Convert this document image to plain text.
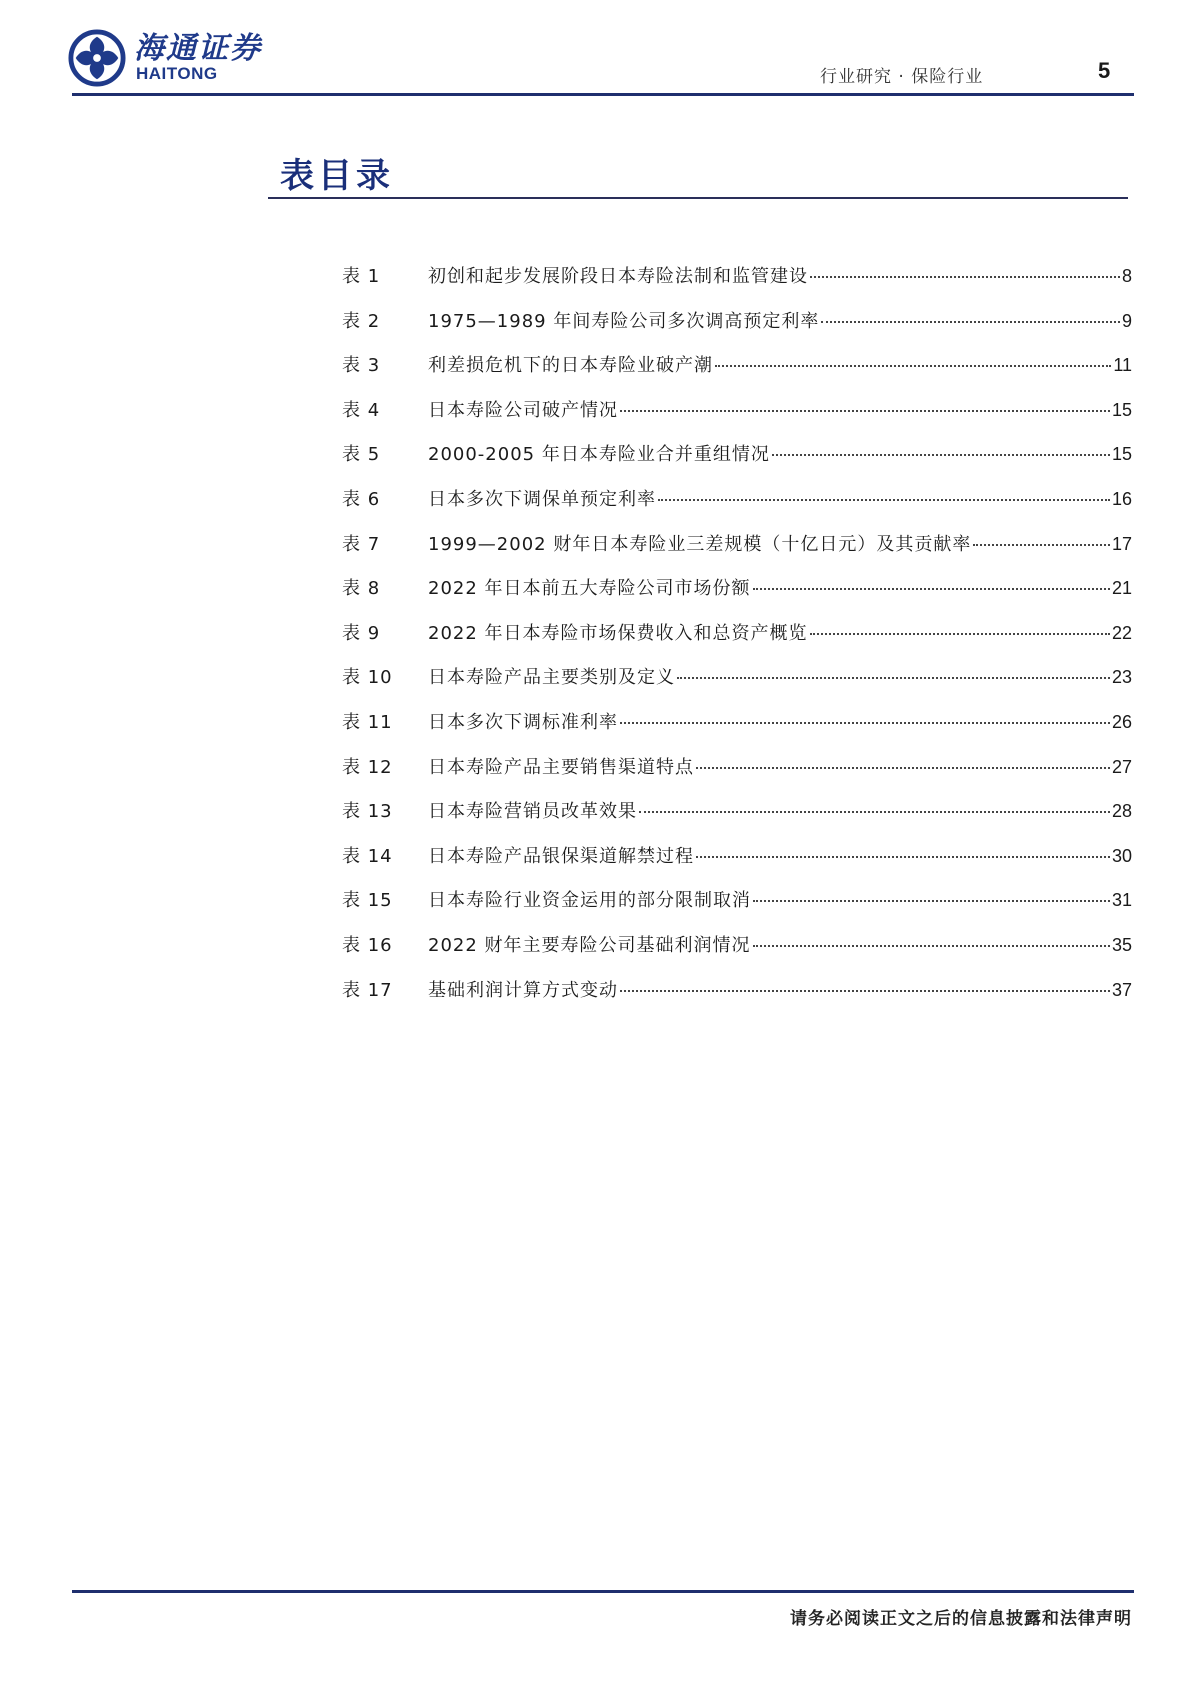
海通证券
HAITONG	行业研究 · 保险行业	5
表目录
表 1	初创和起步发展阶段日本寿险法制和监管建设	8
表 2	1975—1989 年间寿险公司多次调高预定利率	9
表 3	利差损危机下的日本寿险业破产潮	11
表 4	日本寿险公司破产情况	15
表 5	2000-2005 年日本寿险业合并重组情况	15
表 6	日本多次下调保单预定利率	16
表 7	1999—2002 财年日本寿险业三差规模（十亿日元）及其贡献率	17
表 8	2022 年日本前五大寿险公司市场份额	21
表 9	2022 年日本寿险市场保费收入和总资产概览	22
表 10	日本寿险产品主要类别及定义	23
表 11	日本多次下调标准利率	26
表 12	日本寿险产品主要销售渠道特点	27
表 13	日本寿险营销员改革效果	28
表 14	日本寿险产品银保渠道解禁过程	30
表 15	日本寿险行业资金运用的部分限制取消	31
表 16	2022 财年主要寿险公司基础利润情况	35
表 17	基础利润计算方式变动	37
请务必阅读正文之后的信息披露和法律声明
